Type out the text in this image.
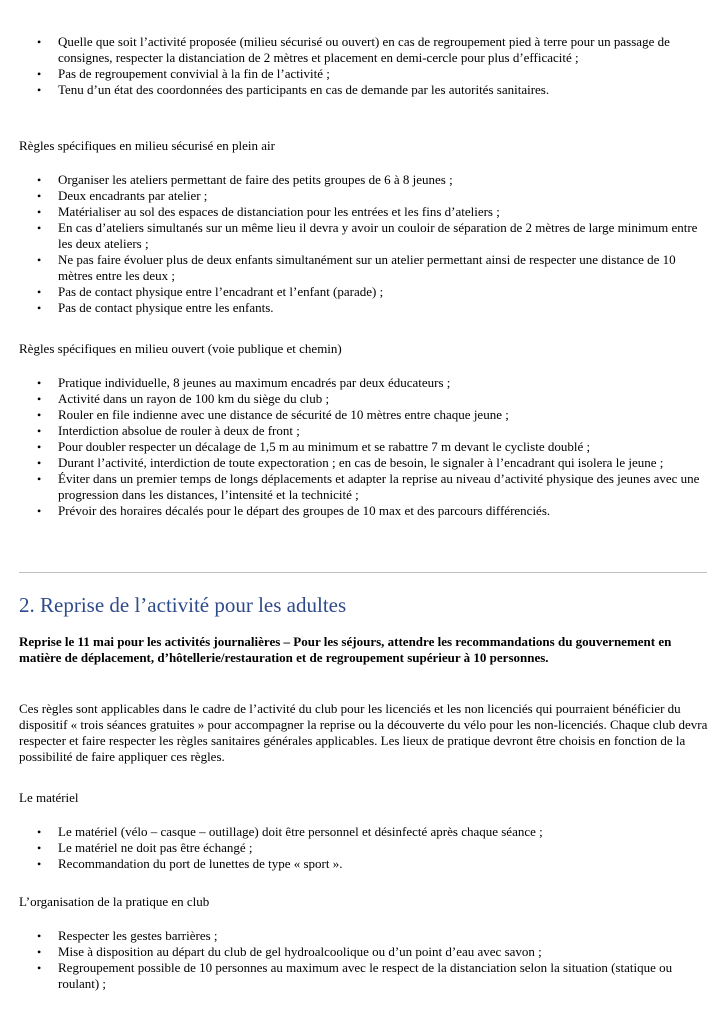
• Quelle que soit l’activité proposée (milieu sécurisé ou ouvert) en cas de regroupement pied à terre pour un passage de consignes, respecter la distanciation de 2 mètres et placement en demi-cercle pour plus d’efficacité ;
• Pas de regroupement convivial à la fin de l’activité ;
• Tenu d’un état des coordonnées des participants en cas de demande par les autorités sanitaires.

Règles spécifiques en milieu sécurisé en plein air

• Organiser les ateliers permettant de faire des petits groupes de 6 à 8 jeunes ;
• Deux encadrants par atelier ;
• Matérialiser au sol des espaces de distanciation pour les entrées et les fins d’ateliers ;
• En cas d’ateliers simultanés sur un même lieu il devra y avoir un couloir de séparation de 2 mètres de large minimum entre les deux ateliers ;
• Ne pas faire évoluer plus de deux enfants simultanément sur un atelier permettant ainsi de respecter une distance de 10 mètres entre les deux ;
• Pas de contact physique entre l’encadrant et l’enfant (parade) ;
• Pas de contact physique entre les enfants.

Règles spécifiques en milieu ouvert (voie publique et chemin)

• Pratique individuelle, 8 jeunes au maximum encadrés par deux éducateurs ;
• Activité dans un rayon de 100 km du siège du club ;
• Rouler en file indienne avec une distance de sécurité de 10 mètres entre chaque jeune ;
• Interdiction absolue de rouler à deux de front ;
• Pour doubler respecter un décalage de 1,5 m au minimum et se rabattre 7 m devant le cycliste doublé ;
• Durant l’activité, interdiction de toute expectoration ; en cas de besoin, le signaler à l’encadrant qui isolera le jeune ;
• Éviter dans un premier temps de longs déplacements et adapter la reprise au niveau d’activité physique des jeunes avec une progression dans les distances, l’intensité et la technicité ;
• Prévoir des horaires décalés pour le départ des groupes de 10 max et des parcours différenciés.
2. Reprise de l’activité pour les adultes

Reprise le 11 mai pour les activités journalières – Pour les séjours, attendre les recommandations du gouvernement en matière de déplacement, d’hôtellerie/restauration et de regroupement supérieur à 10 personnes.

Ces règles sont applicables dans le cadre de l’activité du club pour les licenciés et les non licenciés qui pourraient bénéficier du dispositif « trois séances gratuites » pour accompagner la reprise ou la découverte du vélo pour les non-licenciés. Chaque club devra respecter et faire respecter les règles sanitaires générales applicables. Les lieux de pratique devront être choisis en fonction de la possibilité de faire appliquer ces règles.

Le matériel

• Le matériel (vélo – casque – outillage) doit être personnel et désinfecté après chaque séance ;
• Le matériel ne doit pas être échangé ;
• Recommandation du port de lunettes de type « sport ».

L’organisation de la pratique en club

• Respecter les gestes barrières ;
• Mise à disposition au départ du club de gel hydroalcoolique ou d’un point d’eau avec savon ;
• Regroupement possible de 10 personnes au maximum avec le respect de la distanciation selon la situation (statique ou roulant) ;
